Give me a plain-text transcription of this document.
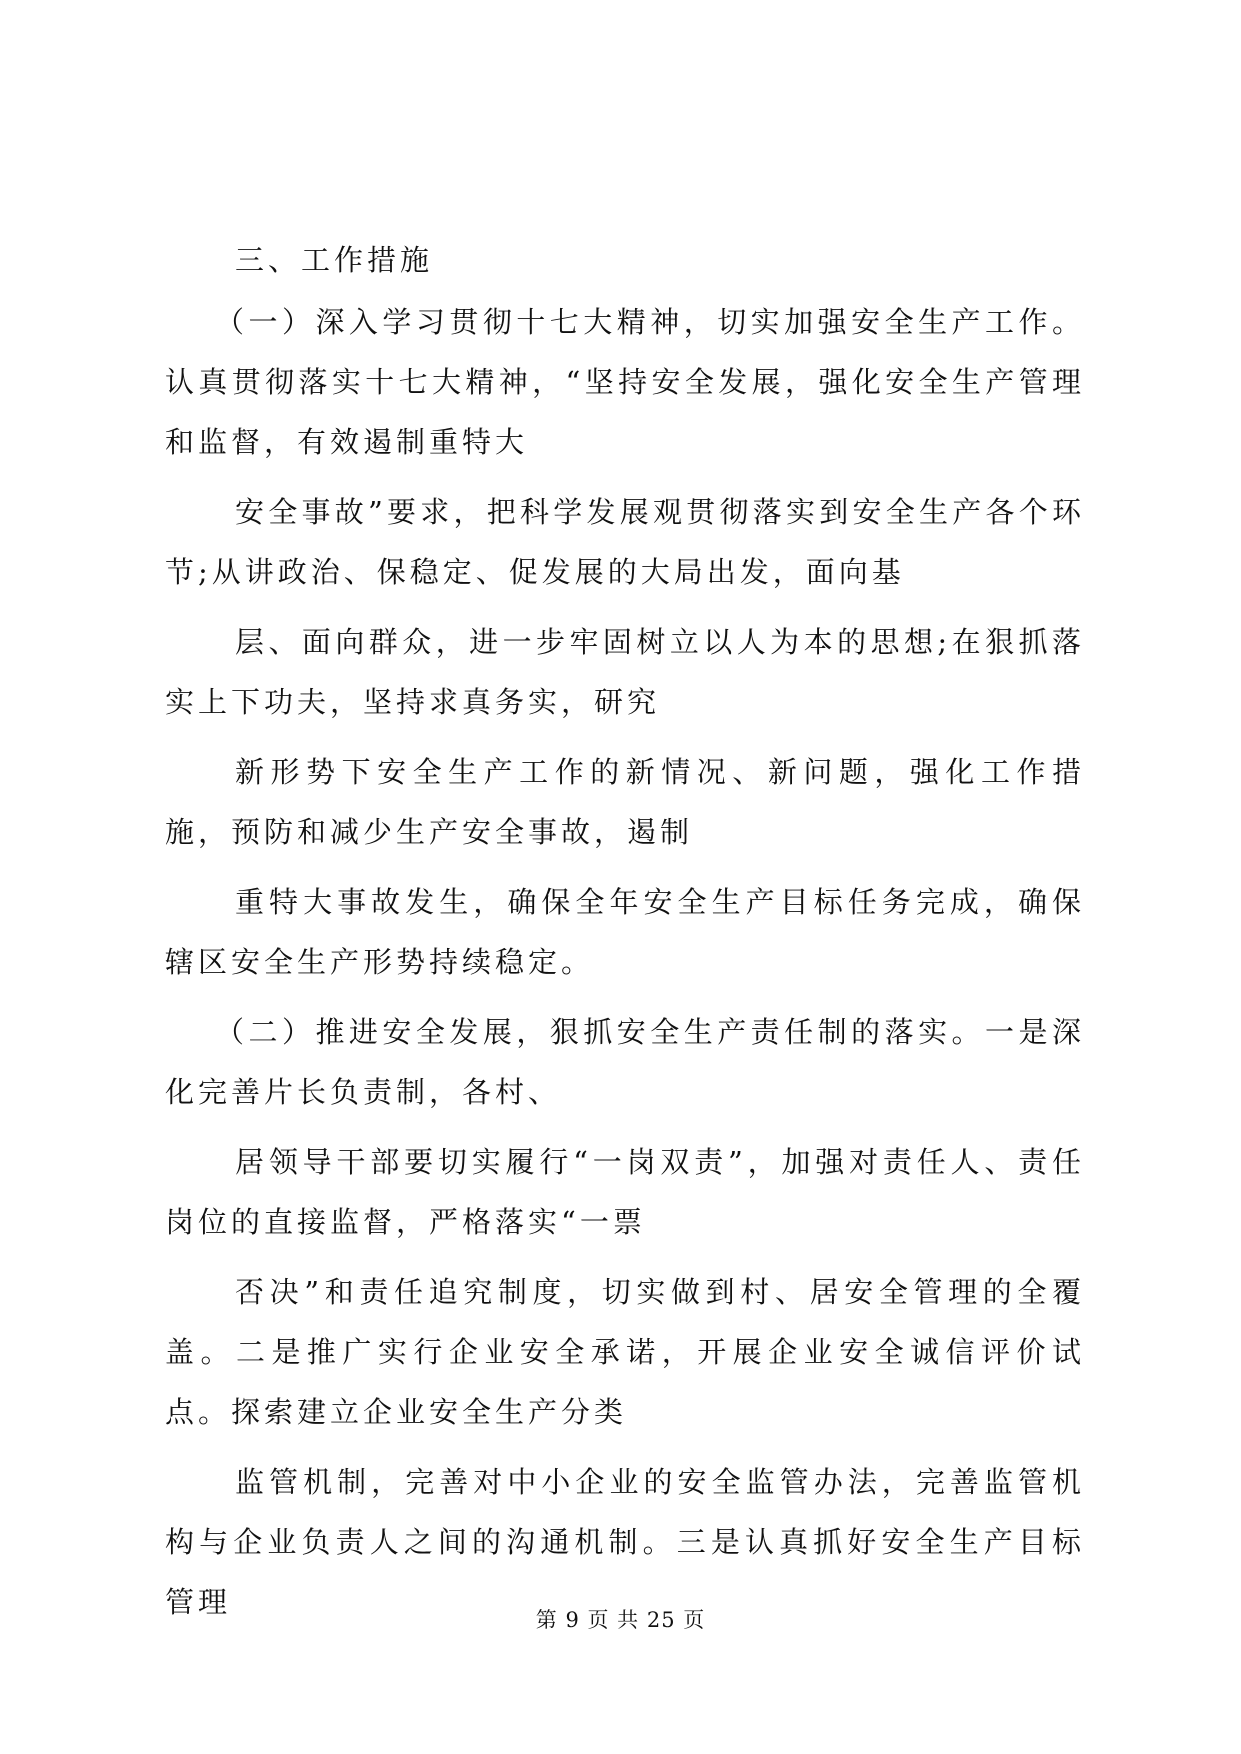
三、工作措施

（一）深入学习贯彻十七大精神，切实加强安全生产工作。认真贯彻落实十七大精神，“坚持安全发展，强化安全生产管理和监督，有效遏制重特大

安全事故”要求，把科学发展观贯彻落实到安全生产各个环节;从讲政治、保稳定、促发展的大局出发，面向基

层、面向群众，进一步牢固树立以人为本的思想;在狠抓落实上下功夫，坚持求真务实，研究

新形势下安全生产工作的新情况、新问题，强化工作措施，预防和减少生产安全事故，遏制

重特大事故发生，确保全年安全生产目标任务完成，确保辖区安全生产形势持续稳定。

（二）推进安全发展，狠抓安全生产责任制的落实。一是深化完善片长负责制，各村、

居领导干部要切实履行“一岗双责”，加强对责任人、责任岗位的直接监督，严格落实“一票

否决”和责任追究制度，切实做到村、居安全管理的全覆盖。二是推广实行企业安全承诺，开展企业安全诚信评价试点。探索建立企业安全生产分类

监管机制，完善对中小企业的安全监管办法，完善监管机构与企业负责人之间的沟通机制。三是认真抓好安全生产目标管理

第 9 页 共 25 页
